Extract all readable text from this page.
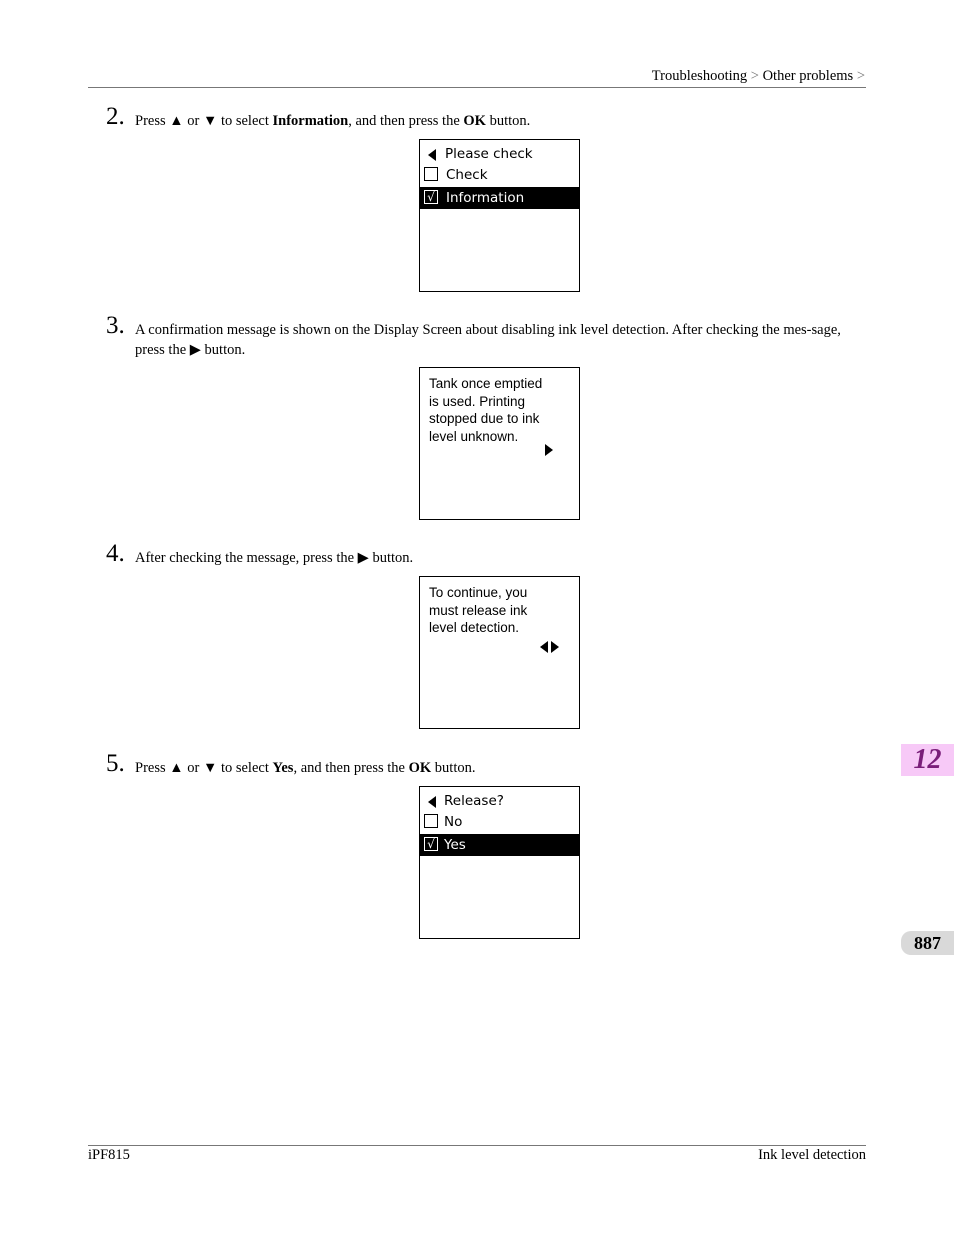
Troubleshooting > Other problems >
2. Press ▲ or ▼ to select Information, and then press the OK button.
Please check
Check
√ Information
3. A confirmation message is shown on the Display Screen about disabling ink level detection. After checking the mes-sage, press the ▶ button.
Tank once emptied
is used. Printing
stopped due to ink
level unknown.
4. After checking the message, press the ▶ button.
To continue, you
must release ink
level detection.
5. Press ▲ or ▼ to select Yes, and then press the OK button.
Release?
No
√ Yes
12
887
iPF815	Ink level detection
